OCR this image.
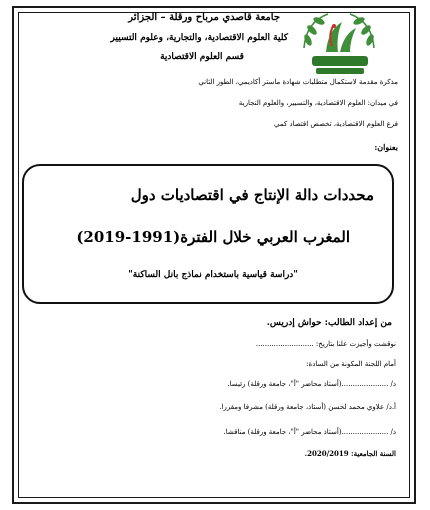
جامعة قاصدي مرباح ورقلة – الجزائر
كلية العلوم الاقتصادية، والتجارية، وعلوم التسيير
قسم العلوم الاقتصادية
مذكرة مقدمة لاستكمال متطلبات شهادة ماستر أكاديمي، الطور الثاني
في ميدان: العلوم الاقتصادية، والتسيير، والعلوم التجارية
فرع العلوم الاقتصادية، تخصص اقتصاد كمي
بعنوان:
محددات دالة الإنتاج في اقتصاديات دول
المغرب العربي خلال الفترة(1991-2019)
"دراسة قياسية باستخدام نماذج بانل الساكنة"
من إعداد الطالب: حواش إدريس.
نوقشت وأجيزت علنا بتاريخ: ..........................
أمام اللجنة المكونة من السادة:
د/ .....................(أستاذ محاضر "أ"، جامعة ورقلة) رئيسا.
أ.د/ علاوي محمد لحسن (أستاذ، جامعة ورقلة) مشرفا ومقررا.
د/ .....................(أستاذ محاضر "أ"، جامعة ورقلة) مناقشا.
السنة الجامعية: 2020/2019.
